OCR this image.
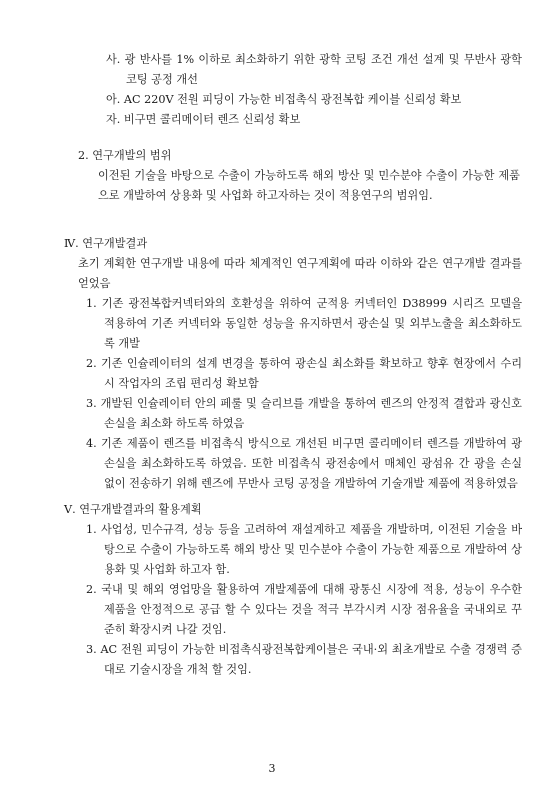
사. 광 반사를 1% 이하로 최소화하기 위한 광학 코팅 조건 개선 설계 및 무반사 광학 코팅 공정 개선

아. AC 220V 전원 피딩이 가능한 비접촉식 광전복합 케이블 신뢰성 확보

자. 비구면 콜리메이터 렌즈 신뢰성 확보

2. 연구개발의 범위

이전된 기술을 바탕으로 수출이 가능하도록 해외 방산 및 민수분야 수출이 가능한 제품으로 개발하여 상용화 및 사업화 하고자하는 것이 적용연구의 범위임.

Ⅳ. 연구개발결과

초기 계획한 연구개발 내용에 따라 체계적인 연구계획에 따라 이하와 같은 연구개발 결과를 얻었음

1. 기존 광전복합커넥터와의 호환성을 위하여 군적용 커넥터인 D38999 시리즈 모델을 적용하여 기존 커넥터와 동일한 성능을 유지하면서 광손실 및 외부노출을 최소화하도록 개발

2. 기존 인슐레이터의 설계 변경을 통하여 광손실 최소화를 확보하고 향후 현장에서 수리시 작업자의 조립 편리성 확보함

3. 개발된 인슐레이터 안의 페룰 및 슬리브를 개발을 통하여 렌즈의 안정적 결합과 광신호 손실을 최소화 하도록 하였음

4. 기존 제품이 렌즈를 비접촉식 방식으로 개선된 비구면 콜리메이터 렌즈를 개발하여 광손실을 최소화하도록 하였음. 또한 비접촉식 광전송에서 매체인 광섬유 간 광을 손실 없이 전송하기 위해 렌즈에 무반사 코팅 공정을 개발하여 기술개발 제품에 적용하였음

Ⅴ. 연구개발결과의 활용계획

1. 사업성, 민수규격, 성능 등을 고려하여 재설계하고 제품을 개발하며, 이전된 기술을 바탕으로 수출이 가능하도록 해외 방산 및 민수분야 수출이 가능한 제품으로 개발하여 상용화 및 사업화 하고자 함.

2. 국내 및 해외 영업망을 활용하여 개발제품에 대해 광통신 시장에 적용, 성능이 우수한 제품을 안정적으로 공급 할 수 있다는 것을 적극 부각시켜 시장 점유율을 국내외로 꾸준히 확장시켜 나갈 것임.

3. AC 전원 피딩이 가능한 비접촉식광전복합케이블은 국내·외 최초개발로 수출 경쟁력 증대로 기술시장을 개척 할 것임.

3
